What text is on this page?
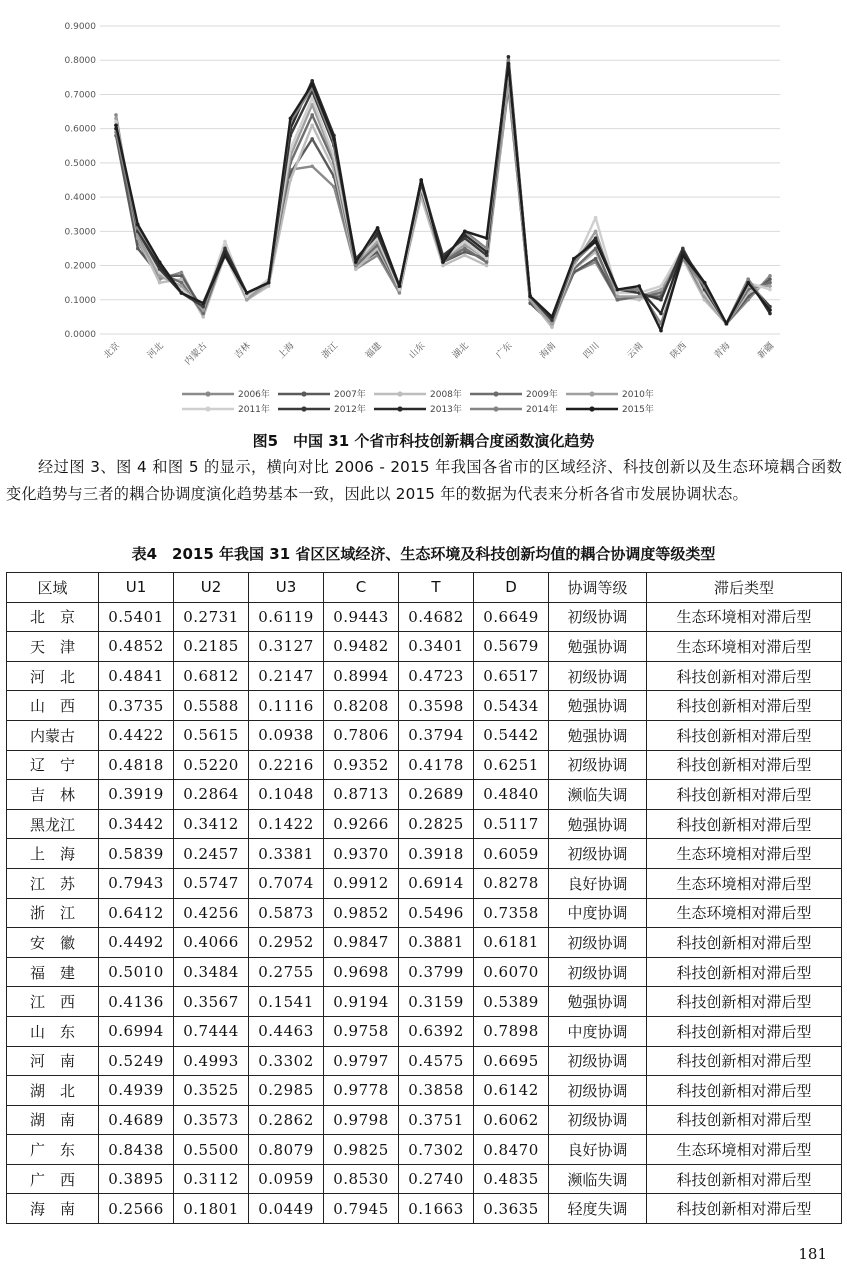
0.0000
0.1000
0.2000
0.3000
0.4000
0.5000
0.6000
0.7000
0.8000
0.9000
北京	河北 内蒙古	吉林	上海	浙江	福建	山东	湖北	广东	海南	四川	云南	陕西	青海	新疆
2006年	2007年	2008年	2009年	2010年
2011年	2012年	2013年	2014年	2015年
图5　中国 31 个省市科技创新耦合度函数演化趋势
经过图 3、图 4 和图 5 的显示，横向对比 2006 - 2015 年我国各省市的区域经济、科技创新以及生态环境耦合函数变化趋势与三者的耦合协调度演化趋势基本一致，因此以 2015 年的数据为代表来分析各省市发展协调状态。
表4　2015 年我国 31 省区区域经济、生态环境及科技创新均值的耦合协调度等级类型
区域	U1	U2	U3	C	T	D	协调等级	滞后类型
北　京	0.5401	0.2731	0.6119	0.9443	0.4682	0.6649	初级协调	生态环境相对滞后型
天　津	0.4852	0.2185	0.3127	0.9482	0.3401	0.5679	勉强协调	生态环境相对滞后型
河　北	0.4841	0.6812	0.2147	0.8994	0.4723	0.6517	初级协调	科技创新相对滞后型
山　西	0.3735	0.5588	0.1116	0.8208	0.3598	0.5434	勉强协调	科技创新相对滞后型
内蒙古	0.4422	0.5615	0.0938	0.7806	0.3794	0.5442	勉强协调	科技创新相对滞后型
辽　宁	0.4818	0.5220	0.2216	0.9352	0.4178	0.6251	初级协调	科技创新相对滞后型
吉　林	0.3919	0.2864	0.1048	0.8713	0.2689	0.4840	濒临失调	科技创新相对滞后型
黑龙江	0.3442	0.3412	0.1422	0.9266	0.2825	0.5117	勉强协调	科技创新相对滞后型
上　海	0.5839	0.2457	0.3381	0.9370	0.3918	0.6059	初级协调	生态环境相对滞后型
江　苏	0.7943	0.5747	0.7074	0.9912	0.6914	0.8278	良好协调	生态环境相对滞后型
浙　江	0.6412	0.4256	0.5873	0.9852	0.5496	0.7358	中度协调	生态环境相对滞后型
安　徽	0.4492	0.4066	0.2952	0.9847	0.3881	0.6181	初级协调	科技创新相对滞后型
福　建	0.5010	0.3484	0.2755	0.9698	0.3799	0.6070	初级协调	科技创新相对滞后型
江　西	0.4136	0.3567	0.1541	0.9194	0.3159	0.5389	勉强协调	科技创新相对滞后型
山　东	0.6994	0.7444	0.4463	0.9758	0.6392	0.7898	中度协调	科技创新相对滞后型
河　南	0.5249	0.4993	0.3302	0.9797	0.4575	0.6695	初级协调	科技创新相对滞后型
湖　北	0.4939	0.3525	0.2985	0.9778	0.3858	0.6142	初级协调	科技创新相对滞后型
湖　南	0.4689	0.3573	0.2862	0.9798	0.3751	0.6062	初级协调	科技创新相对滞后型
广　东	0.8438	0.5500	0.8079	0.9825	0.7302	0.8470	良好协调	生态环境相对滞后型
广　西	0.3895	0.3112	0.0959	0.8530	0.2740	0.4835	濒临失调	科技创新相对滞后型
海　南	0.2566	0.1801	0.0449	0.7945	0.1663	0.3635	轻度失调	科技创新相对滞后型
181
